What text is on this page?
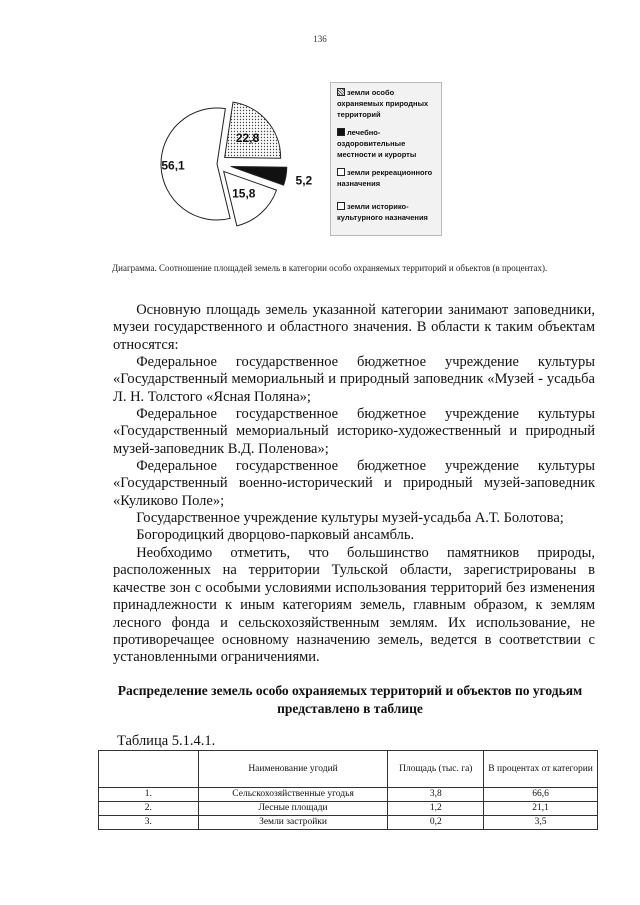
136
22,8
5,2
15,8
56,1
земли особо
охраняемых природных
территорий
лечебно-
оздоровительные
местности и курорты
земли рекреационного
назначения
земли историко-
культурного назначения
Диаграмма. Соотношение площадей земель в категории особо охраняемых территорий и объектов (в процентах).

Основную площадь земель указанной категории занимают заповедники, музеи государственного и областного значения. В области к таким объектам относятся:

Федеральное государственное бюджетное учреждение культуры «Государственный мемориальный и природный заповедник «Музей - усадьба Л. Н. Толстого «Ясная Поляна»;

Федеральное государственное бюджетное учреждение культуры «Государственный мемориальный историко-художественный и природный музей-заповедник В.Д. Поленова»;

Федеральное государственное бюджетное учреждение культуры «Государственный военно-исторический и природный музей-заповедник «Куликово Поле»;

Государственное учреждение культуры музей-усадьба А.Т. Болотова;

Богородицкий дворцово-парковый ансамбль.

Необходимо отметить, что большинство памятников природы, расположенных на территории Тульской области, зарегистрированы в качестве зон с особыми условиями использования территорий без изменения принадлежности к иным категориям земель, главным образом, к землям лесного фонда и сельскохозяйственным землям. Их использование, не противоречащее основному назначению земель, ведется в соответствии с установленными ограничениями.

Распределение земель особо охраняемых территорий и объектов по угодьям представлено в таблице
Таблица 5.1.4.1.
	Наименование угодий	Площадь (тыс. га)	В процентах от категории
1.	Сельскохозяйственные угодья	3,8	66,6
2.	Лесные площади	1,2	21,1
3.	Земли застройки	0,2	3,5
